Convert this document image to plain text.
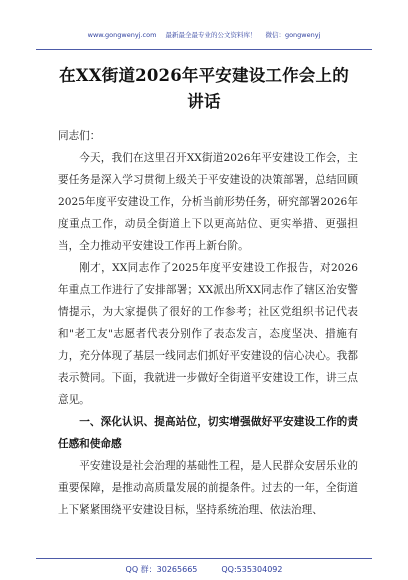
www.gongwenyj.com 最新最全最专业的公文资料库！ 微信：gongwenyj
在XX街道2026年平安建设工作会上的
讲话

同志们：

今天，我们在这里召开XX街道2026年平安建设工作会，主要任务是深入学习贯彻上级关于平安建设的决策部署，总结回顾2025年度平安建设工作，分析当前形势任务，研究部署2026年度重点工作，动员全街道上下以更高站位、更实举措、更强担当，全力推动平安建设工作再上新台阶。

刚才，XX同志作了2025年度平安建设工作报告，对2026年重点工作进行了安排部署；XX派出所XX同志作了辖区治安警情提示，为大家提供了很好的工作参考；社区党组织书记代表和"老工友"志愿者代表分别作了表态发言，态度坚决、措施有力，充分体现了基层一线同志们抓好平安建设的信心决心。我都表示赞同。下面，我就进一步做好全街道平安建设工作，讲三点意见。

一、深化认识、提高站位，切实增强做好平安建设工作的责任感和使命感

平安建设是社会治理的基础性工程，是人民群众安居乐业的重要保障，是推动高质量发展的前提条件。过去的一年，全街道上下紧紧围绕平安建设目标，坚持系统治理、依法治理、

QQ 群：30265665	QQ:535304092
